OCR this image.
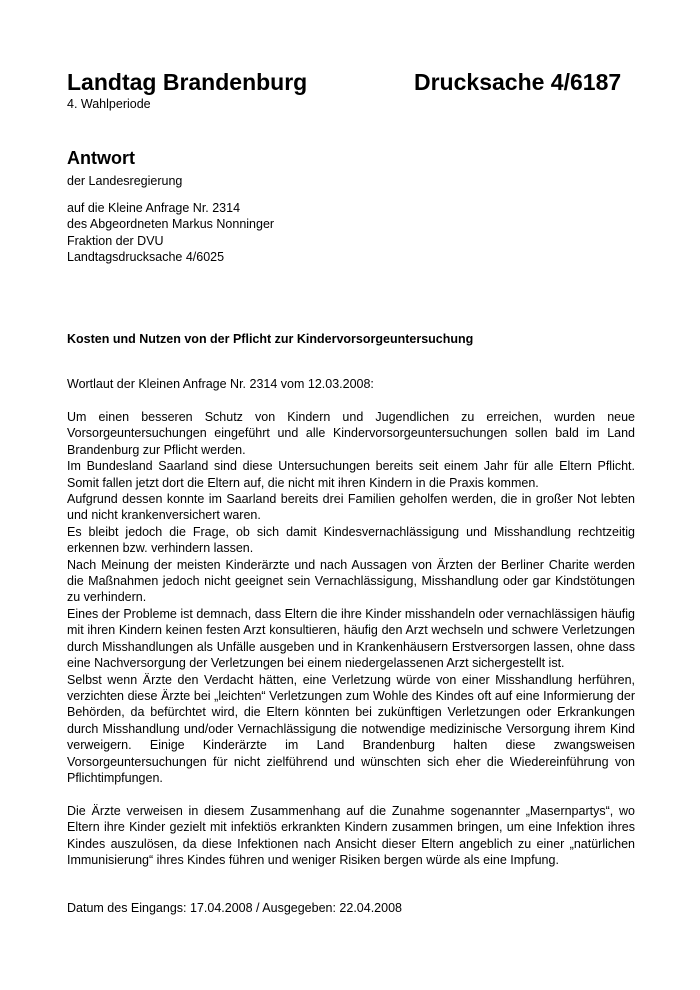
Landtag Brandenburg

4. Wahlperiode

Drucksache 4/6187
Antwort

der Landesregierung

auf die Kleine Anfrage Nr. 2314
des Abgeordneten Markus Nonninger
Fraktion der DVU
Landtagsdrucksache 4/6025
Kosten und Nutzen von der Pflicht zur Kindervorsorgeuntersuchung
Wortlaut der Kleinen Anfrage Nr. 2314 vom 12.03.2008:

Um einen besseren Schutz von Kindern und Jugendlichen zu erreichen, wurden neue Vorsorgeuntersuchungen eingeführt und alle Kindervorsorgeuntersuchungen sollen bald im Land Brandenburg zur Pflicht werden.

Im Bundesland Saarland sind diese Untersuchungen bereits seit einem Jahr für alle Eltern Pflicht. Somit fallen jetzt dort die Eltern auf, die nicht mit ihren Kindern in die Praxis kommen.

Aufgrund dessen konnte im Saarland bereits drei Familien geholfen werden, die in großer Not lebten und nicht krankenversichert waren.

Es bleibt jedoch die Frage, ob sich damit Kindesvernachlässigung und Misshandlung rechtzeitig erkennen bzw. verhindern lassen.

Nach Meinung der meisten Kinderärzte und nach Aussagen von Ärzten der Berliner Charite werden die Maßnahmen jedoch nicht geeignet sein Vernachlässigung, Misshandlung oder gar Kindstötungen zu verhindern.

Eines der Probleme ist demnach, dass Eltern die ihre Kinder misshandeln oder vernachlässigen häufig mit ihren Kindern keinen festen Arzt konsultieren, häufig den Arzt wechseln und schwere Verletzungen durch Misshandlungen als Unfälle ausgeben und in Krankenhäusern Erstversorgen lassen, ohne dass eine Nachversorgung der Verletzungen bei einem niedergelassenen Arzt sichergestellt ist.

Selbst wenn Ärzte den Verdacht hätten, eine Verletzung würde von einer Misshandlung herführen, verzichten diese Ärzte bei „leichten“ Verletzungen zum Wohle des Kindes oft auf eine Informierung der Behörden, da befürchtet wird, die Eltern könnten bei zukünftigen Verletzungen oder Erkrankungen durch Misshandlung und/oder Vernachlässigung die notwendige medizinische Versorgung ihrem Kind verweigern. Einige Kinderärzte im Land Brandenburg halten diese zwangsweisen Vorsorgeuntersuchungen für nicht zielführend und wünschten sich eher die Wiedereinführung von Pflichtimpfungen.

Die Ärzte verweisen in diesem Zusammenhang auf die Zunahme sogenannter „Masernpartys“, wo Eltern ihre Kinder gezielt mit infektiös erkrankten Kindern zusammen bringen, um eine Infektion ihres Kindes auszulösen, da diese Infektionen nach Ansicht dieser Eltern angeblich zu einer „natürlichen Immunisierung“ ihres Kindes führen und weniger Risiken bergen würde als eine Impfung.

Datum des Eingangs: 17.04.2008 / Ausgegeben: 22.04.2008
